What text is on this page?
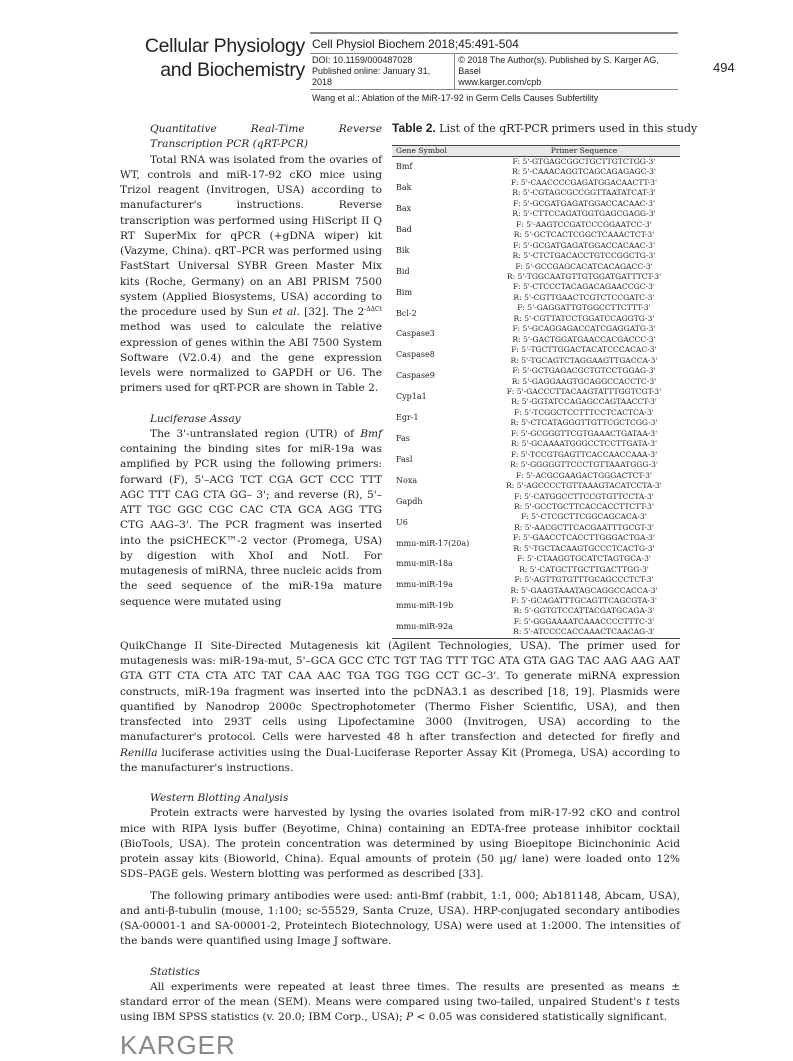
Cellular Physiology
and Biochemistry
Cell Physiol Biochem 2018;45:491-504
DOI: 10.1159/000487028
Published online: January 31, 2018
© 2018 The Author(s). Published by S. Karger AG, Basel
www.karger.com/cpb
Wang et al.: Ablation of the MiR-17-92 in Germ Cells Causes Subfertility
494
Quantitative Real-Time Reverse Transcription PCR (qRT-PCR)

Total RNA was isolated from the ovaries of WT, controls and miR-17-92 cKO mice using Trizol reagent (Invitrogen, USA) according to manufacturer's instructions. Reverse transcription was performed using HiScript II Q RT SuperMix for qPCR (+gDNA wiper) kit (Vazyme, China). qRT–PCR was performed using FastStart Universal SYBR Green Master Mix kits (Roche, Germany) on an ABI PRISM 7500 system (Applied Biosystems, USA) according to the procedure used by Sun et al. [32]. The $2^{-\Delta\Delta Ct}$ method was used to calculate the relative expression of genes within the ABI 7500 System Software (V2.0.4) and the gene expression levels were normalized to GAPDH or U6. The primers used for qRT-PCR are shown in Table 2.

Luciferase Assay

The 3'-untranslated region (UTR) of Bmf containing the binding sites for miR-19a was amplified by PCR using the following primers: forward (F), 5'–ACG TCT CGA GCT CCC TTT AGC TTT CAG CTA GG– 3'; and reverse (R), 5'–ATT TGC GGC CGC CAC CTA GCA AGG TTG CTG AAG–3'. The PCR fragment was inserted into the psiCHECK™-2 vector (Promega, USA) by digestion with XhoI and NotI. For mutagenesis of miRNA, three nucleic acids from the seed sequence of the miR-19a mature sequence were mutated using

Table 2. List of the qRT-PCR primers used in this study
Gene Symbol	Primer Sequence
Bmf	F: 5'-GTGAGCGGCTGCTTGTCTGG-3'
	R: 5'-CAAACAGGTCAGCAGAGAGC-3'
Bak	F: 5'-CAACCCCGAGATGGACAACTT-3'
	R: 5'-CGTAGCGCCGGTTAATATCAT-3'
Bax	F: 5'-GCGATGAGATGGACCACAAC-3'
	R: 5'-CTTCCAGATGGTGAGCGAGG-3'
Bad	F: 5'-AAGTCCGATCCCGGAATCC-3'
	R: 5'-GCTCACTCGGCTCAAACTCT-3'
Bik	F: 5'-GCGATGAGATGGACCACAAC-3'
	R: 5'-CTCTGACACCTGTCCGGCTG-3'
Bid	F: 5'-GCCGAGCACATCACAGACC-3'
	R: 5'-TGGCAATGTTGTGGATGATTTCT-3'
Bim	F: 5'-CTCCCTACAGACAGAACCGC-3'
	R: 5'-CGTTGAACTCGTCTCCGATC-3'
Bcl-2	F: 5'-GAGGATTGTGGCCTTCTTT-3'
	R: 5'-CGTTATCCTGGATCCAGGTG-3'
Caspase3	F: 5'-GCAGGAGACCATCGAGGATG-3'
	R: 5'-GACTGGATGAACCACGACCC-3'
Caspase8	F: 5'-TGCTTGGACTACATCCCACAC-3'
	R: 5'-TGCAGTCTAGGAAGTTGACCA-3'
Caspase9	F: 5'-GCTGAGACGCTGTCCTGGAG-3'
	R: 5'-GAGGAAGTGCAGGCCACCTC-3'
Cyp1a1	F: 5'-GACCCTTACAAGTATTTGGTCGT-3'
	R: 5'-GGTATCCAGAGCCAGTAACCT-3'
Egr-1	F: 5'-TCGGCTCCTTTCCTCACTCA-3'
	R: 5'-CTCATAGGGTTGTTCGCTCGG-3'
Fas	F: 5'-GCGGGTTCGTGAAACTGATAA-3'
	R: 5'-GCAAAATGGGCCTCCTTGATA-3'
Fasl	F: 5'-TCCGTGAGTTCACCAACCAAA-3'
	R: 5'-GGGGGTTCCCTGTTAAATGGG-3'
Noxa	F: 5'-ACGCGAAGACTGGGACTCT-3'
	R: 5'-AGCCCCTGTTAAAGTACATCCTA-3'
Gapdh	F: 5'-CATGGCCTTCCGTGTTCCTA-3'
	R: 5'-GCCTGCTTCACCACCTTCTT-3'
U6	F: 5'-CTCGCTTCGGCAGCACA-3'
	R: 5'-AACGCTTCACGAATTTGCGT-3'
mmu-miR-17(20a)	F: 5'-GAACCTCACCTTGGGACTGA-3'
	R: 5'-TGCTACAAGTGCCCTCACTG-3'
mmu-miR-18a	F: 5'-CTAAGGTGCATCTAGTGCA-3'
	R: 5'-CATGCTTGCTTGACTTGG-3'
mmu-miR-19a	F: 5'-AGTTGTGTTTGCAGCCCTCT-3'
	R: 5'-GAAGTAAATAGCAGGCCACCA-3'
mmu-miR-19b	F: 5'-GCAGATTTGCAGTTCAGCGTA-3'
	R: 5'-GGTGTCCATTACGATGCAGA-3'
mmu-miR-92a	F: 5'-GGGAAAATCAAACCCCTTTC-3'
	R: 5'-ATCCCCACCAAACTCAACAG-3'

QuikChange II Site-Directed Mutagenesis kit (Agilent Technologies, USA). The primer used for mutagenesis was: miR-19a-mut, 5'–GCA GCC CTC TGT TAG TTT TGC ATA GTA GAG TAC AAG AAG AAT GTA GTT CTA CTA ATC TAT CAA AAC TGA TGG TGG CCT GC–3'. To generate miRNA expression constructs, miR-19a fragment was inserted into the pcDNA3.1 as described [18, 19]. Plasmids were quantified by Nanodrop 2000c Spectrophotometer (Thermo Fisher Scientific, USA), and then transfected into 293T cells using Lipofectamine 3000 (Invitrogen, USA) according to the manufacturer's protocol. Cells were harvested 48 h after transfection and detected for firefly and Renilla luciferase activities using the Dual-Luciferase Reporter Assay Kit (Promega, USA) according to the manufacturer's instructions.

Western Blotting Analysis

Protein extracts were harvested by lysing the ovaries isolated from miR-17-92 cKO and control mice with RIPA lysis buffer (Beyotime, China) containing an EDTA-free protease inhibitor cocktail (BioTools, USA). The protein concentration was determined by using Bioepitope Bicinchoninic Acid protein assay kits (Bioworld, China). Equal amounts of protein (50 µg/ lane) were loaded onto 12% SDS–PAGE gels. Western blotting was performed as described [33].

The following primary antibodies were used: anti-Bmf (rabbit, 1:1, 000; Ab181148, Abcam, USA), and anti-β-tubulin (mouse, 1:100; sc-55529, Santa Cruze, USA). HRP-conjugated secondary antibodies (SA-00001-1 and SA-00001-2, Proteintech Biotechnology, USA) were used at 1:2000. The intensities of the bands were quantified using Image J software.

Statistics

All experiments were repeated at least three times. The results are presented as means ± standard error of the mean (SEM). Means were compared using two-tailed, unpaired Student's t tests using IBM SPSS statistics (v. 20.0; IBM Corp., USA); P < 0.05 was considered statistically significant.

KARGER
